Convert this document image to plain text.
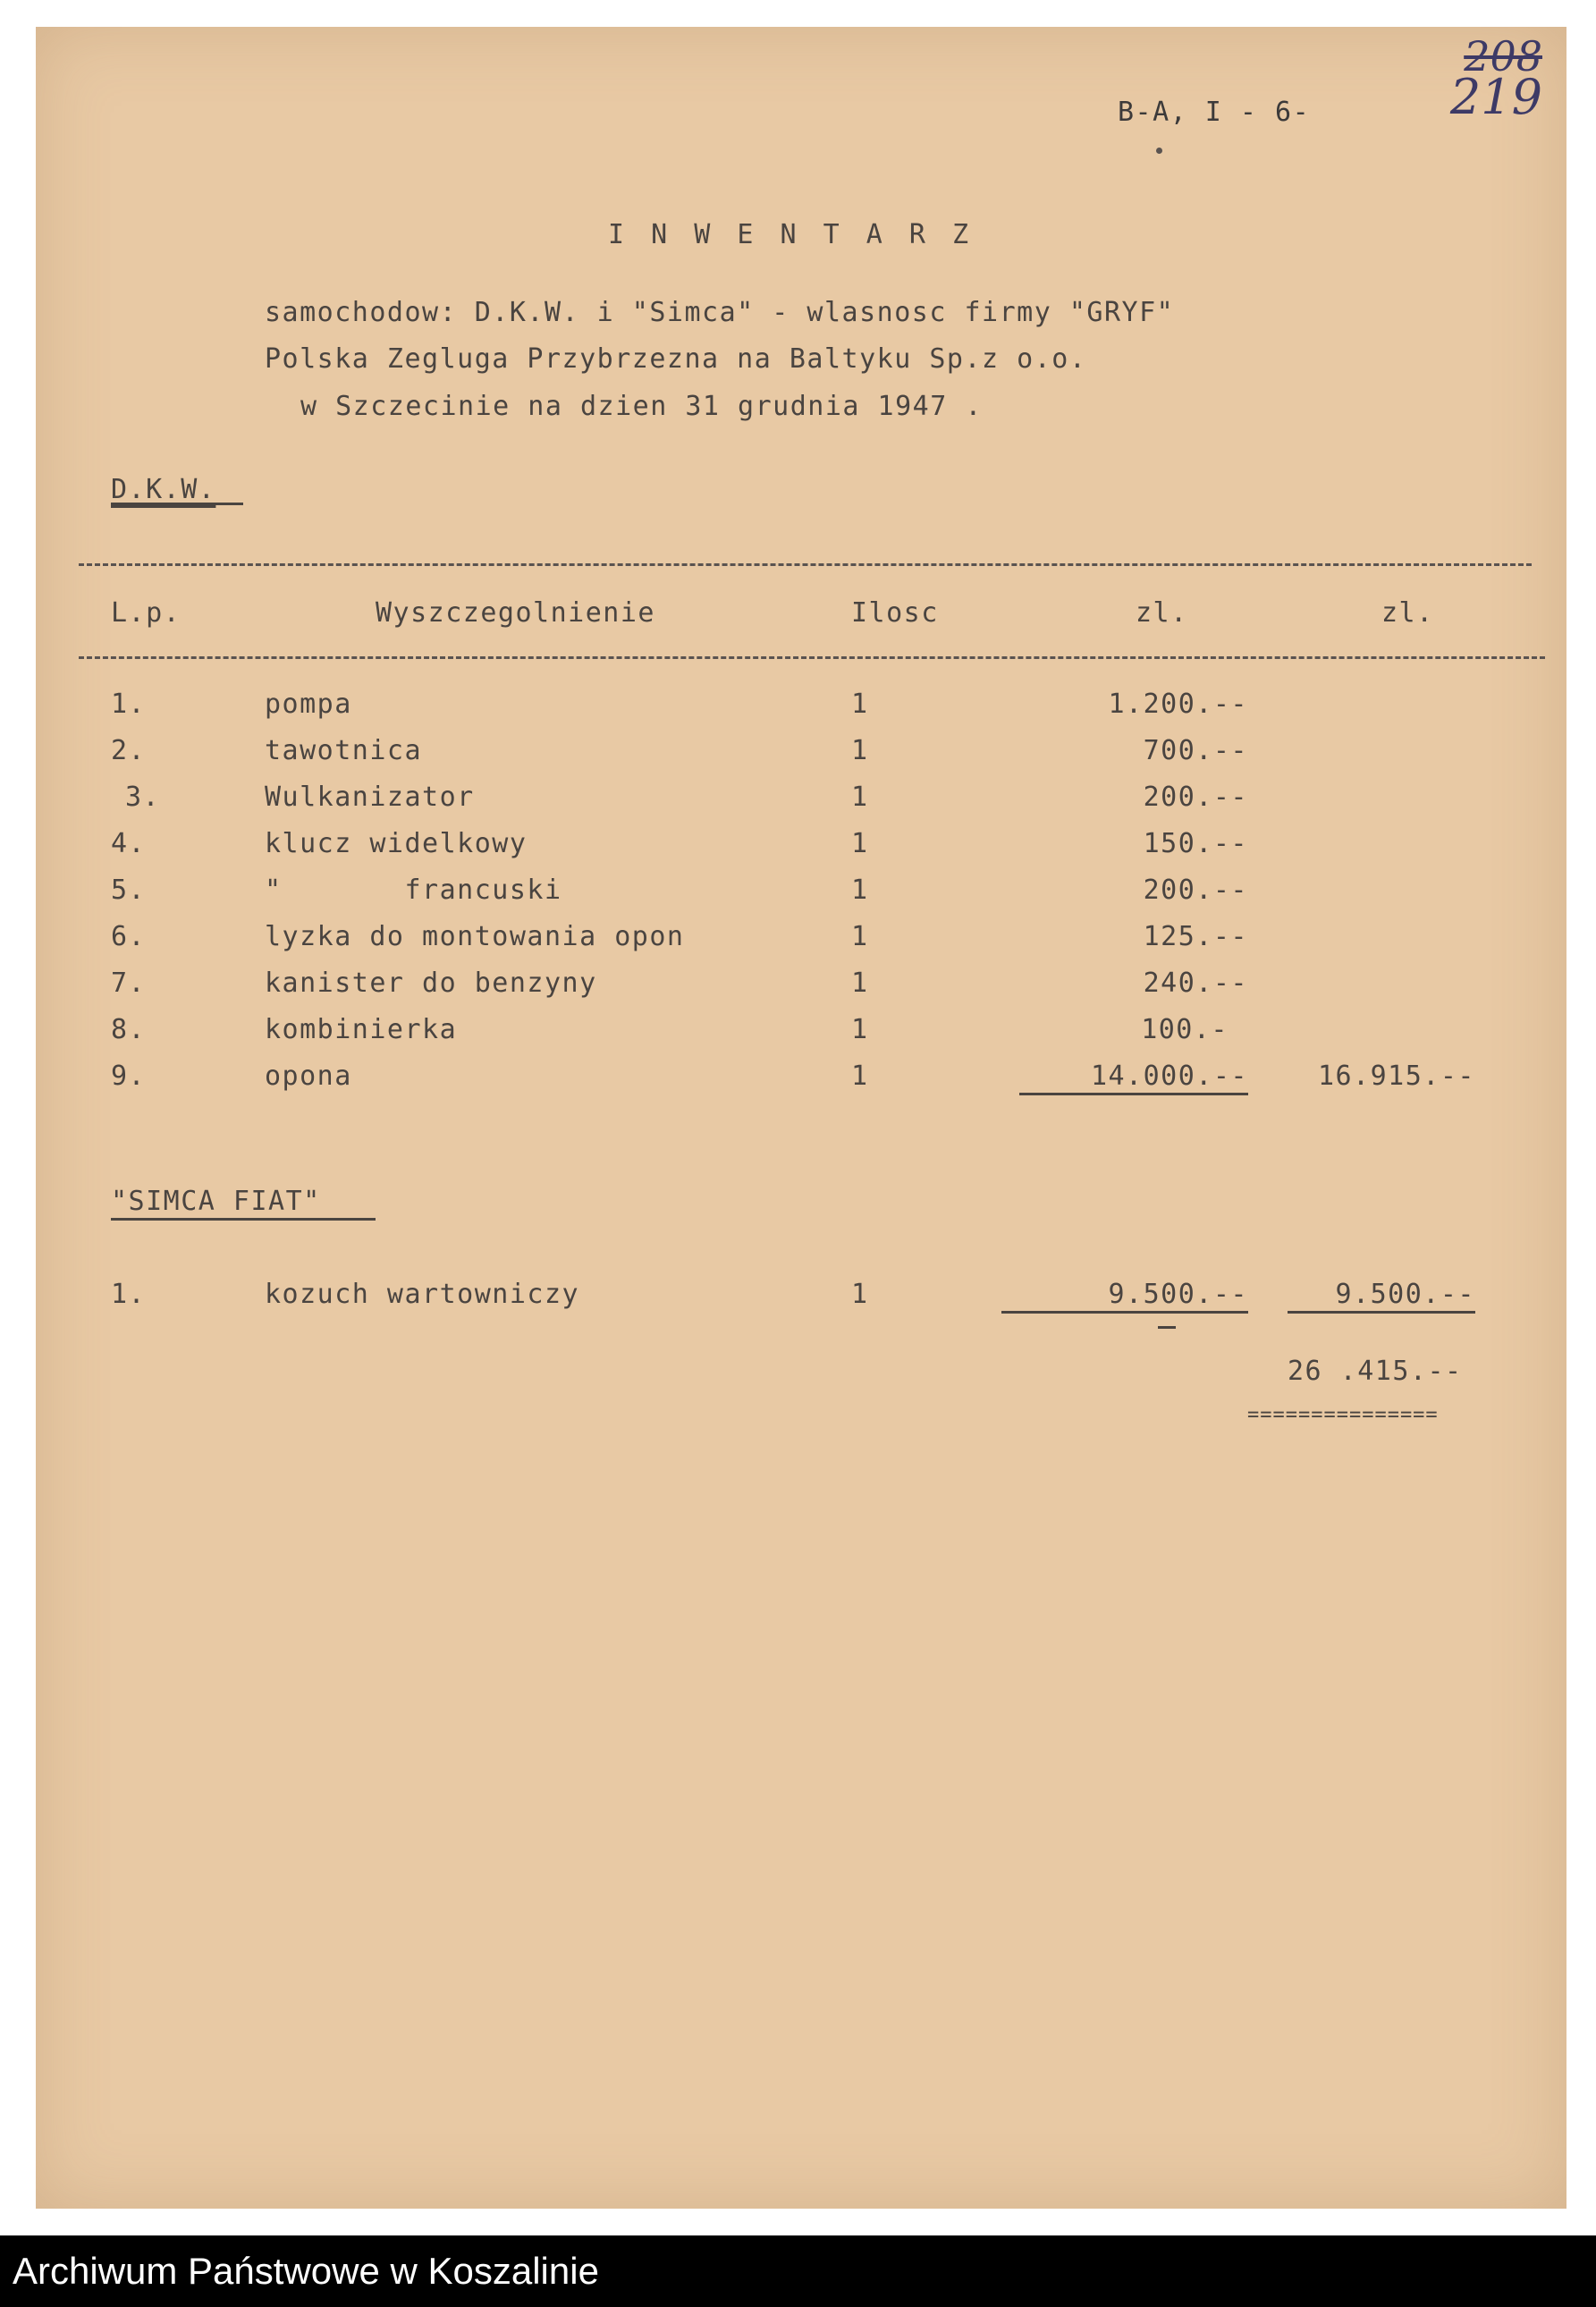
B-A, I - 6-
208
219
I N W E N T A R Z
samochodow: D.K.W. i "Simca" - wlasnosc firmy "GRYF"
Polska Zegluga Przybrzezna na Baltyku Sp.z o.o.
w Szczecinie na dzien 31 grudnia 1947 .
D.K.W.
L.p.	Wyszczegolnienie	Ilosc	zl.	zl.
1.	pompa	1	1.200.--
2.	tawotnica	1	700.--
3.	Wulkanizator	1	200.--
4.	klucz widelkowy	1	150.--
5.	"       francuski	1	200.--
6.	lyzka do montowania opon	1	125.--
7.	kanister do benzyny	1	240.--
8.	kombinierka	1	100.-
9.	opona	1	14.000.--	16.915.--
"SIMCA FIAT"
1.	kozuch wartowniczy	1	9.500.--	9.500.--
26 .415.--
===============
Archiwum Państwowe w Koszalinie
